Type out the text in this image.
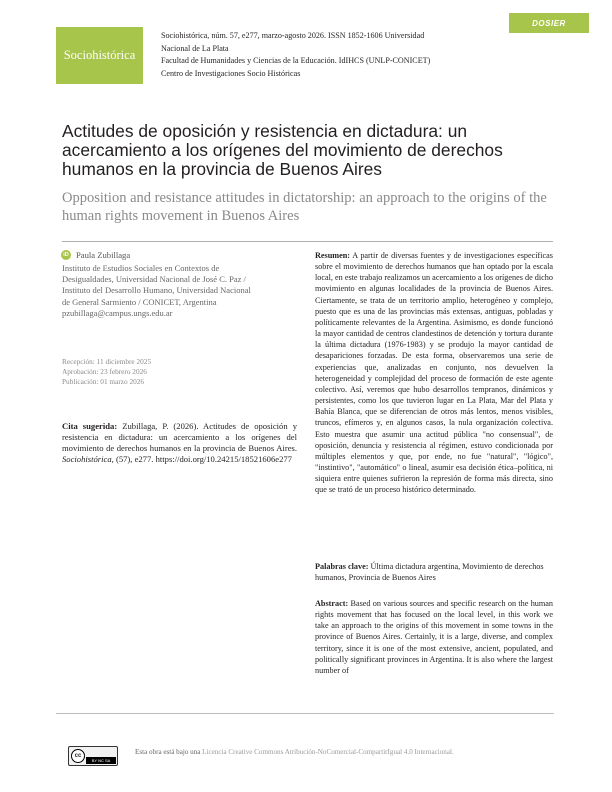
DOSIER
Sociohistórica
Sociohistórica, núm. 57, e277, marzo-agosto 2026. ISSN 1852-1606 Universidad
Nacional de La Plata
Facultad de Humanidades y Ciencias de la Educación. IdIHCS (UNLP-CONICET)
Centro de Investigaciones Socio Históricas
Actitudes de oposición y resistencia en dictadura: un acercamiento a los orígenes del movimiento de derechos humanos en la provincia de Buenos Aires
Opposition and resistance attitudes in dictatorship: an approach to the origins of the human rights movement in Buenos Aires
iD Paula Zubillaga
Instituto de Estudios Sociales en Contextos de
Desigualdades, Universidad Nacional de José C. Paz /
Instituto del Desarrollo Humano, Universidad Nacional
de General Sarmiento / CONICET, Argentina
pzubillaga@campus.ungs.edu.ar
Recepción: 11 diciembre 2025
Aprobación: 23 febrero 2026
Publicación: 01 marzo 2026
Cita sugerida: Zubillaga, P. (2026). Actitudes de oposición y resistencia en dictadura: un acercamiento a los orígenes del movimiento de derechos humanos en la provincia de Buenos Aires. Sociohistórica, (57), e277. https://doi.org/10.24215/18521606e277
Resumen: A partir de diversas fuentes y de investigaciones específicas sobre el movimiento de derechos humanos que han optado por la escala local, en este trabajo realizamos un acercamiento a los orígenes de dicho movimiento en algunas localidades de la provincia de Buenos Aires. Ciertamente, se trata de un territorio amplio, heterogéneo y complejo, puesto que es una de las provincias más extensas, antiguas, pobladas y políticamente relevantes de la Argentina. Asimismo, es donde funcionó la mayor cantidad de centros clandestinos de detención y tortura durante la última dictadura (1976-1983) y se produjo la mayor cantidad de desapariciones forzadas. De esta forma, observaremos una serie de experiencias que, analizadas en conjunto, nos devuelven la heterogeneidad y complejidad del proceso de formación de este agente colectivo. Así, veremos que hubo desarrollos tempranos, dinámicos y persistentes, como los que tuvieron lugar en La Plata, Mar del Plata y Bahía Blanca, que se diferencian de otros más lentos, menos visibles, truncos, efímeros y, en algunos casos, la nula organización colectiva. Esto muestra que asumir una actitud pública "no consensual", de oposición, denuncia y resistencia al régimen, estuvo condicionada por múltiples elementos y que, por ende, no fue "natural", "lógico", "instintivo", "automático" o lineal, asumir esa decisión ética–política, ni siquiera entre quienes sufrieron la represión de forma más directa, sino que se trató de un proceso histórico determinado.
Palabras clave: Última dictadura argentina, Movimiento de derechos humanos, Provincia de Buenos Aires
Abstract: Based on various sources and specific research on the human rights movement that has focused on the local level, in this work we take an approach to the origins of this movement in some towns in the province of Buenos Aires. Certainly, it is a large, diverse, and complex territory, since it is one of the most extensive, ancient, populated, and politically significant provinces in Argentina. It is also where the largest number of
cc
BY NC SA
Esta obra está bajo una Licencia Creative Commons Atribución-NoComercial-CompartirIgual 4.0 Internacional.
